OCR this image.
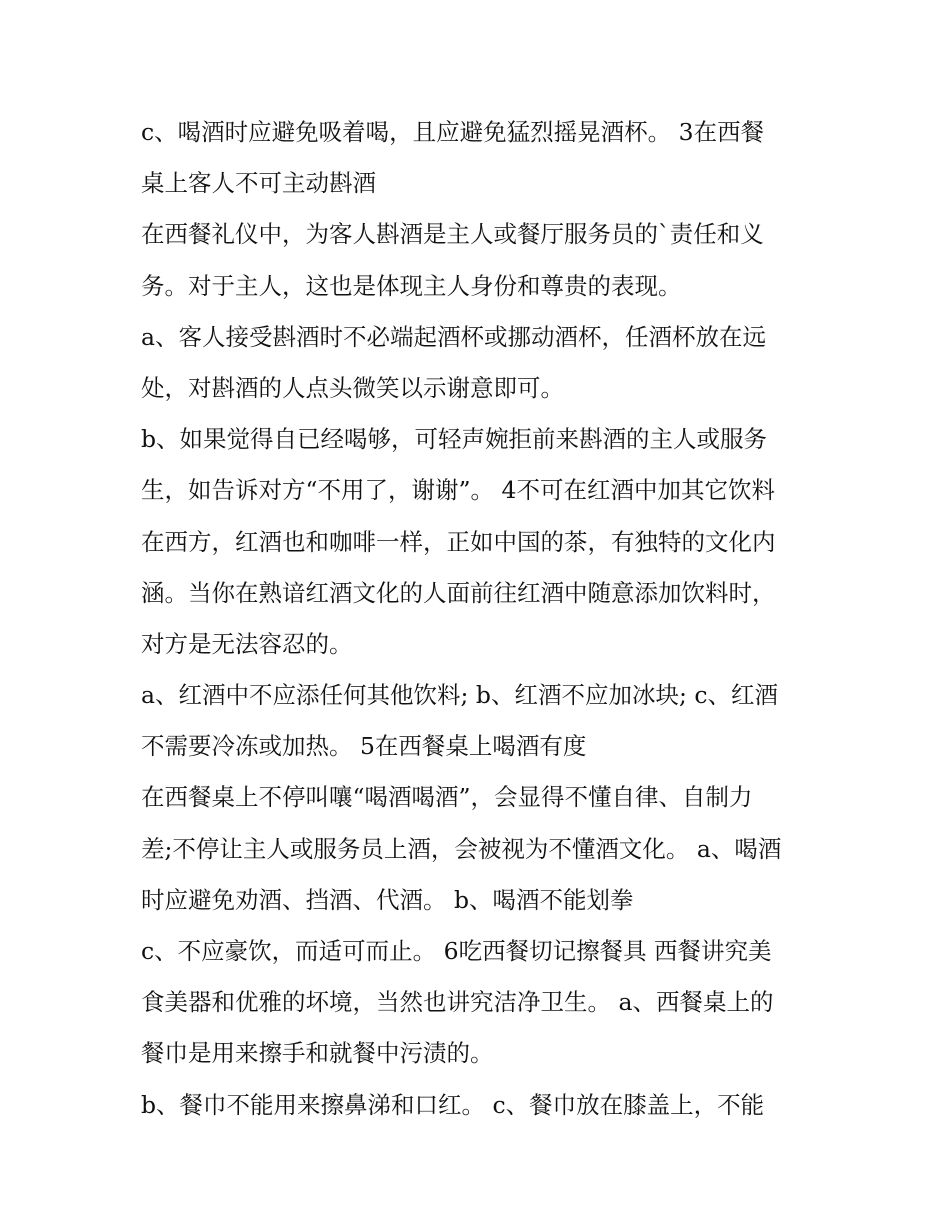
c、喝酒时应避免吸着喝，且应避免猛烈摇晃酒杯。 3在西餐
桌上客人不可主动斟酒
在西餐礼仪中，为客人斟酒是主人或餐厅服务员的`责任和义
务。对于主人，这也是体现主人身份和尊贵的表现。
a、客人接受斟酒时不必端起酒杯或挪动酒杯，任酒杯放在远
处，对斟酒的人点头微笑以示谢意即可。
b、如果觉得自已经喝够，可轻声婉拒前来斟酒的主人或服务
生，如告诉对方“不用了，谢谢”。 4不可在红酒中加其它饮料
在西方，红酒也和咖啡一样，正如中国的茶，有独特的文化内
涵。当你在熟谙红酒文化的人面前往红酒中随意添加饮料时，
对方是无法容忍的。
a、红酒中不应添任何其他饮料; b、红酒不应加冰块; c、红酒
不需要冷冻或加热。 5在西餐桌上喝酒有度
在西餐桌上不停叫嚷“喝酒喝酒”，会显得不懂自律、自制力
差;不停让主人或服务员上酒，会被视为不懂酒文化。 a、喝酒
时应避免劝酒、挡酒、代酒。 b、喝酒不能划拳
c、不应豪饮，而适可而止。 6吃西餐切记擦餐具 西餐讲究美
食美器和优雅的坏境，当然也讲究洁净卫生。 a、西餐桌上的
餐巾是用来擦手和就餐中污渍的。
b、餐巾不能用来擦鼻涕和口红。 c、餐巾放在膝盖上，不能
